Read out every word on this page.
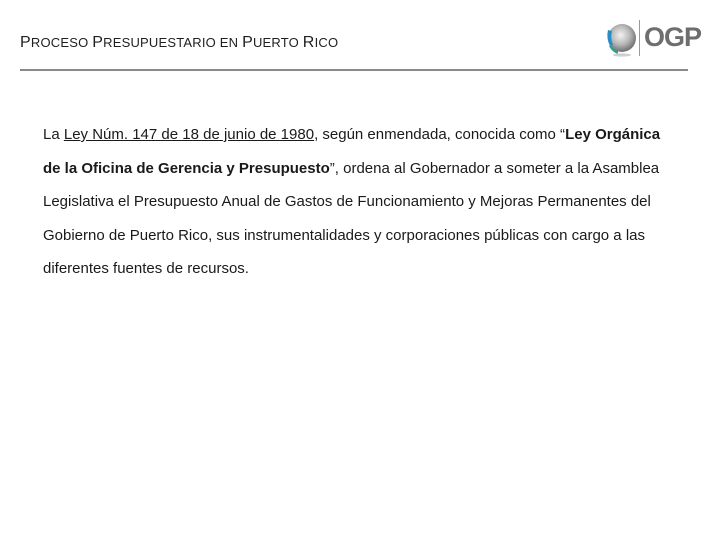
PROCESO PRESUPUESTARIO EN PUERTO RICO	OGP
La Ley Núm. 147 de 18 de junio de 1980, según enmendada, conocida como “Ley Orgánica de la Oficina de Gerencia y Presupuesto”, ordena al Gobernador a someter a la Asamblea Legislativa el Presupuesto Anual de Gastos de Funcionamiento y Mejoras Permanentes del Gobierno de Puerto Rico, sus instrumentalidades y corporaciones públicas con cargo a las diferentes fuentes de recursos.
